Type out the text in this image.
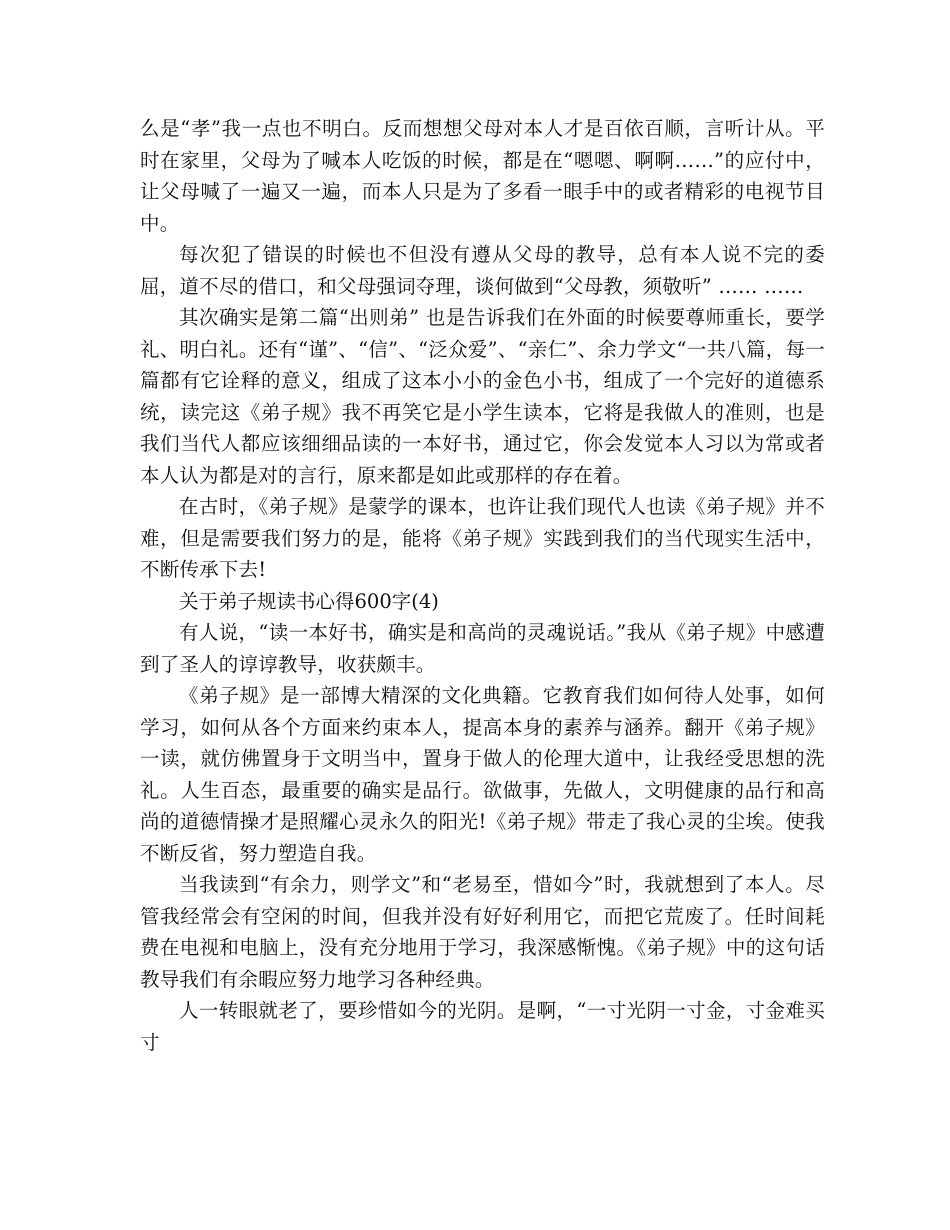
么是“孝”我一点也不明白。反而想想父母对本人才是百依百顺，言听计从。平时在家里，父母为了喊本人吃饭的时候，都是在“嗯嗯、啊啊……”的应付中，让父母喊了一遍又一遍，而本人只是为了多看一眼手中的或者精彩的电视节目中。

每次犯了错误的时候也不但没有遵从父母的教导，总有本人说不完的委屈，道不尽的借口，和父母强词夺理，谈何做到“父母教，须敬听” …… ……

其次确实是第二篇“出则弟” 也是告诉我们在外面的时候要尊师重长，要学礼、明白礼。还有“谨”、“信”、“泛众爱”、“亲仁”、余力学文“一共八篇，每一篇都有它诠释的意义，组成了这本小小的金色小书，组成了一个完好的道德系统，读完这《弟子规》我不再笑它是小学生读本，它将是我做人的准则，也是我们当代人都应该细细品读的一本好书，通过它，你会发觉本人习以为常或者本人认为都是对的言行，原来都是如此或那样的存在着。

在古时，《弟子规》是蒙学的课本，也许让我们现代人也读《弟子规》并不难，但是需要我们努力的是，能将《弟子规》实践到我们的当代现实生活中，不断传承下去!

关于弟子规读书心得600字(4)

有人说，“读一本好书，确实是和高尚的灵魂说话。”我从《弟子规》中感遭到了圣人的谆谆教导，收获颇丰。

《弟子规》是一部博大精深的文化典籍。它教育我们如何待人处事，如何学习，如何从各个方面来约束本人，提高本身的素养与涵养。翻开《弟子规》一读，就仿佛置身于文明当中，置身于做人的伦理大道中，让我经受思想的洗礼。人生百态，最重要的确实是品行。欲做事，先做人，文明健康的品行和高尚的道德情操才是照耀心灵永久的阳光!《弟子规》带走了我心灵的尘埃。使我不断反省，努力塑造自我。

当我读到“有余力，则学文”和“老易至，惜如今”时，我就想到了本人。尽管我经常会有空闲的时间，但我并没有好好利用它，而把它荒废了。任时间耗费在电视和电脑上，没有充分地用于学习，我深感惭愧。《弟子规》中的这句话教导我们有余暇应努力地学习各种经典。

人一转眼就老了，要珍惜如今的光阴。是啊，“一寸光阴一寸金，寸金难买寸
